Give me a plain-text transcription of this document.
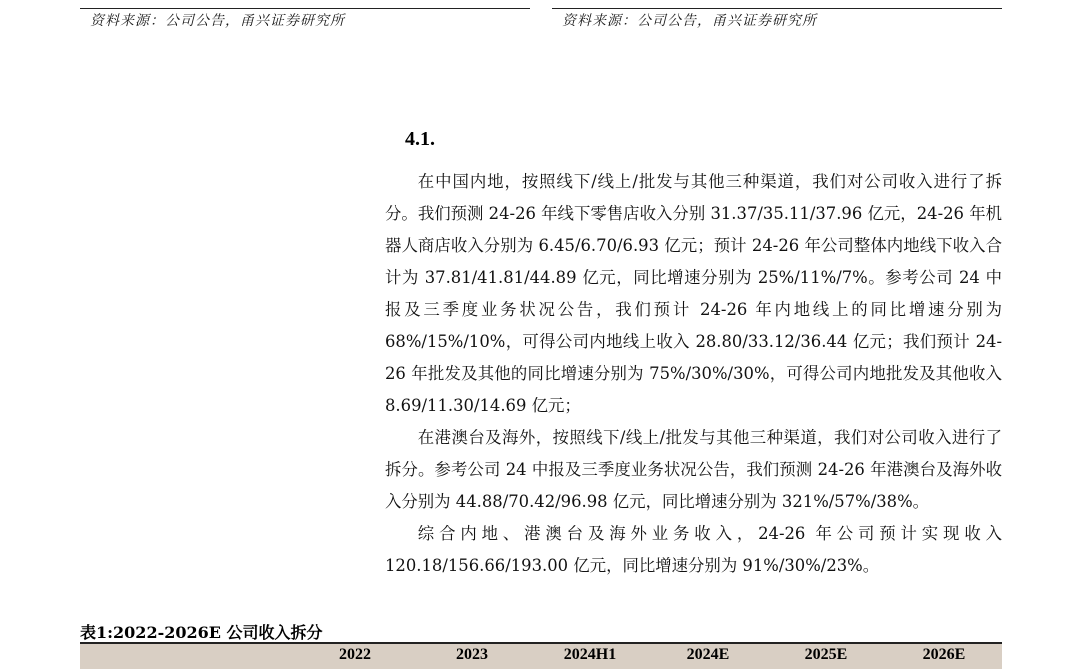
资料来源：公司公告，甬兴证券研究所	资料来源：公司公告，甬兴证券研究所
4.1.

在中国内地，按照线下/线上/批发与其他三种渠道，我们对公司收入进行了拆分。我们预测 24-26 年线下零售店收入分别 31.37/35.11/37.96 亿元，24-26 年机器人商店收入分别为 6.45/6.70/6.93 亿元；预计 24-26 年公司整体内地线下收入合计为 37.81/41.81/44.89 亿元，同比增速分别为 25%/11%/7%。参考公司 24 中报及三季度业务状况公告，我们预计 24-26 年内地线上的同比增速分别为 68%/15%/10%，可得公司内地线上收入 28.80/33.12/36.44 亿元；我们预计 24-26 年批发及其他的同比增速分别为 75%/30%/30%，可得公司内地批发及其他收入 8.69/11.30/14.69 亿元；

在港澳台及海外，按照线下/线上/批发与其他三种渠道，我们对公司收入进行了拆分。参考公司 24 中报及三季度业务状况公告，我们预测 24-26 年港澳台及海外收入分别为 44.88/70.42/96.98 亿元，同比增速分别为 321%/57%/38%。

综合内地、港澳台及海外业务收入，24-26 年公司预计实现收入 120.18/156.66/193.00 亿元，同比增速分别为 91%/30%/23%。

表1:2022-2026E 公司收入拆分
2022	2023	2024H1	2024E	2025E	2026E
